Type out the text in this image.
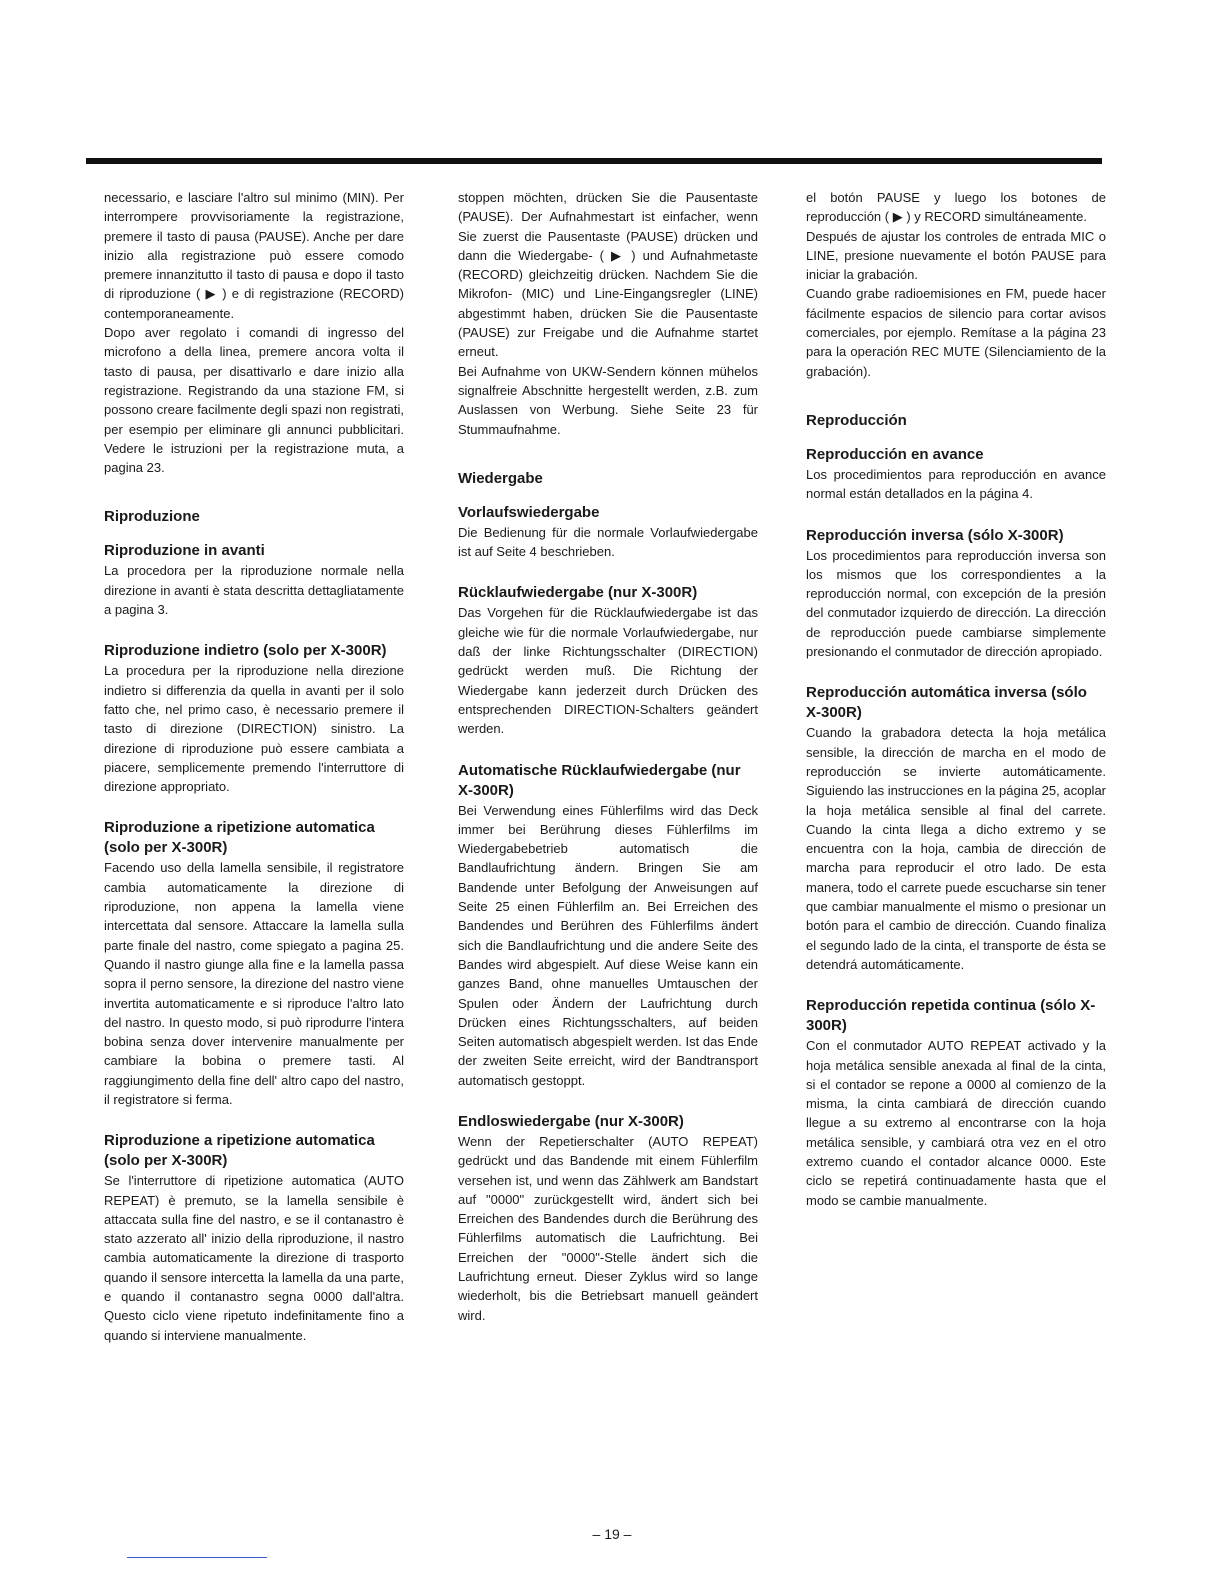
necessario, e lasciare l'altro sul minimo (MIN). Per interrompere provvisoriamente la registrazione, premere il tasto di pausa (PAUSE). Anche per dare inizio alla registrazione può essere comodo premere innanzitutto il tasto di pausa e dopo il tasto di riproduzione ( ▶ ) e di registrazione (RECORD) contemporaneamente.

Dopo aver regolato i comandi di ingresso del microfono a della linea, premere ancora volta il tasto di pausa, per disattivarlo e dare inizio alla registrazione. Registrando da una stazione FM, si possono creare facilmente degli spazi non registrati, per esempio per eliminare gli annunci pubblicitari. Vedere le istruzioni per la registrazione muta, a pagina 23.

Riproduzione
Riproduzione in avanti

La procedora per la riproduzione normale nella direzione in avanti è stata descritta dettagliatamente a pagina 3.

Riproduzione indietro (solo per X-300R)

La procedura per la riproduzione nella direzione indietro si differenzia da quella in avanti per il solo fatto che, nel primo caso, è necessario premere il tasto di direzione (DIRECTION) sinistro. La direzione di riproduzione può essere cambiata a piacere, semplicemente premendo l'interruttore di direzione appropriato.

Riproduzione a ripetizione automatica (solo per X-300R)

Facendo uso della lamella sensibile, il registratore cambia automaticamente la direzione di riproduzione, non appena la lamella viene intercettata dal sensore. Attaccare la lamella sulla parte finale del nastro, come spiegato a pagina 25. Quando il nastro giunge alla fine e la lamella passa sopra il perno sensore, la direzione del nastro viene invertita automaticamente e si riproduce l'altro lato del nastro. In questo modo, si può riprodurre l'intera bobina senza dover intervenire manualmente per cambiare la bobina o premere tasti. Al raggiungimento della fine dell' altro capo del nastro, il registratore si ferma.

Riproduzione a ripetizione automatica (solo per X-300R)

Se l'interruttore di ripetizione automatica (AUTO REPEAT) è premuto, se la lamella sensibile è attaccata sulla fine del nastro, e se il contanastro è stato azzerato all' inizio della riproduzione, il nastro cambia automaticamente la direzione di trasporto quando il sensore intercetta la lamella da una parte, e quando il contanastro segna 0000 dall'altra. Questo ciclo viene ripetuto indefinitamente fino a quando si interviene manualmente.

stoppen möchten, drücken Sie die Pausentaste (PAUSE). Der Aufnahmestart ist einfacher, wenn Sie zuerst die Pausentaste (PAUSE) drücken und dann die Wiedergabe- ( ▶ ) und Aufnahmetaste (RECORD) gleichzeitig drücken. Nachdem Sie die Mikrofon- (MIC) und Line-Eingangsregler (LINE) abgestimmt haben, drücken Sie die Pausentaste (PAUSE) zur Freigabe und die Aufnahme startet erneut.

Bei Aufnahme von UKW-Sendern können mühelos signalfreie Abschnitte hergestellt werden, z.B. zum Auslassen von Werbung. Siehe Seite 23 für Stummaufnahme.

Wiedergabe
Vorlaufswiedergabe

Die Bedienung für die normale Vorlaufwiedergabe ist auf Seite 4 beschrieben.

Rücklaufwiedergabe (nur X-300R)

Das Vorgehen für die Rücklaufwiedergabe ist das gleiche wie für die normale Vorlaufwiedergabe, nur daß der linke Richtungsschalter (DIRECTION) gedrückt werden muß. Die Richtung der Wiedergabe kann jederzeit durch Drücken des entsprechenden DIRECTION-Schalters geändert werden.

Automatische Rücklaufwiedergabe (nur X-300R)

Bei Verwendung eines Fühlerfilms wird das Deck immer bei Berührung dieses Fühlerfilms im Wiedergabebetrieb automatisch die Bandlaufrichtung ändern. Bringen Sie am Bandende unter Befolgung der Anweisungen auf Seite 25 einen Fühlerfilm an. Bei Erreichen des Bandendes und Berühren des Fühlerfilms ändert sich die Bandlaufrichtung und die andere Seite des Bandes wird abgespielt. Auf diese Weise kann ein ganzes Band, ohne manuelles Umtauschen der Spulen oder Ändern der Laufrichtung durch Drücken eines Richtungsschalters, auf beiden Seiten automatisch abgespielt werden. Ist das Ende der zweiten Seite erreicht, wird der Bandtransport automatisch gestoppt.

Endloswiedergabe (nur X-300R)

Wenn der Repetierschalter (AUTO REPEAT) gedrückt und das Bandende mit einem Fühlerfilm versehen ist, und wenn das Zählwerk am Bandstart auf "0000" zurückgestellt wird, ändert sich bei Erreichen des Bandendes durch die Berührung des Fühlerfilms automatisch die Laufrichtung. Bei Erreichen der "0000"-Stelle ändert sich die Laufrichtung erneut. Dieser Zyklus wird so lange wiederholt, bis die Betriebsart manuell geändert wird.

el botón PAUSE y luego los botones de reproducción ( ▶ ) y RECORD simultáneamente.

Después de ajustar los controles de entrada MIC o LINE, presione nuevamente el botón PAUSE para iniciar la grabación.

Cuando grabe radioemisiones en FM, puede hacer fácilmente espacios de silencio para cortar avisos comerciales, por ejemplo. Remítase a la página 23 para la operación REC MUTE (Silenciamiento de la grabación).

Reproducción
Reproducción en avance

Los procedimientos para reproducción en avance normal están detallados en la página 4.

Reproducción inversa (sólo X-300R)

Los procedimientos para reproducción inversa son los mismos que los correspondientes a la reproducción normal, con excepción de la presión del conmutador izquierdo de dirección. La dirección de reproducción puede cambiarse simplemente presionando el conmutador de dirección apropiado.

Reproducción automática inversa (sólo X-300R)

Cuando la grabadora detecta la hoja metálica sensible, la dirección de marcha en el modo de reproducción se invierte automáticamente. Siguiendo las instrucciones en la página 25, acoplar la hoja metálica sensible al final del carrete. Cuando la cinta llega a dicho extremo y se encuentra con la hoja, cambia de dirección de marcha para reproducir el otro lado. De esta manera, todo el carrete puede escucharse sin tener que cambiar manualmente el mismo o presionar un botón para el cambio de dirección. Cuando finaliza el segundo lado de la cinta, el transporte de ésta se detendrá automáticamente.

Reproducción repetida continua (sólo X-300R)

Con el conmutador AUTO REPEAT activado y la hoja metálica sensible anexada al final de la cinta, si el contador se repone a 0000 al comienzo de la misma, la cinta cambiará de dirección cuando llegue a su extremo al encontrarse con la hoja metálica sensible, y cambiará otra vez en el otro extremo cuando el contador alcance 0000. Este ciclo se repetirá continuadamente hasta que el modo se cambie manualmente.

– 19 –
